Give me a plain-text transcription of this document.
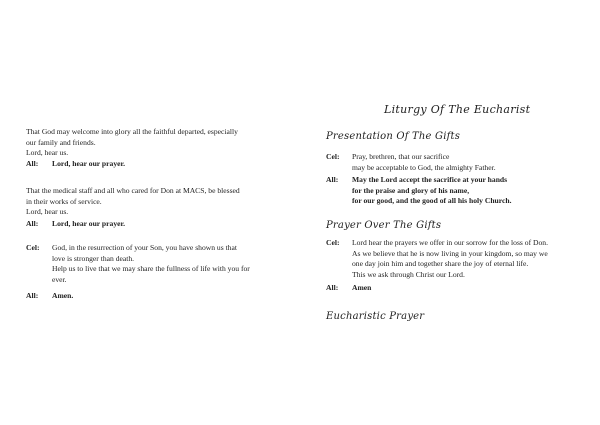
That God may welcome into glory all the faithful departed, especially
our family and friends.
Lord, hear us.
All: Lord, hear our prayer.
That the medical staff and all who cared for Don at MACS, be blessed
in their works of service.
Lord, hear us.
All: Lord, hear our prayer.
Cel: God, in the resurrection of your Son, you have shown us that
love is stronger than death.
Help us to live that we may share the fullness of life with you for
ever.
All: Amen.
Liturgy Of The Eucharist
Presentation Of The Gifts
Cel: Pray, brethren, that our sacrifice
may be acceptable to God, the almighty Father.
All: May the Lord accept the sacrifice at your hands
for the praise and glory of his name,
for our good, and the good of all his holy Church.
Prayer Over The Gifts
Cel: Lord hear the prayers we offer in our sorrow for the loss of Don.
As we believe that he is now living in your kingdom, so may we
one day join him and together share the joy of eternal life.
This we ask through Christ our Lord.
All: Amen
Eucharistic Prayer
